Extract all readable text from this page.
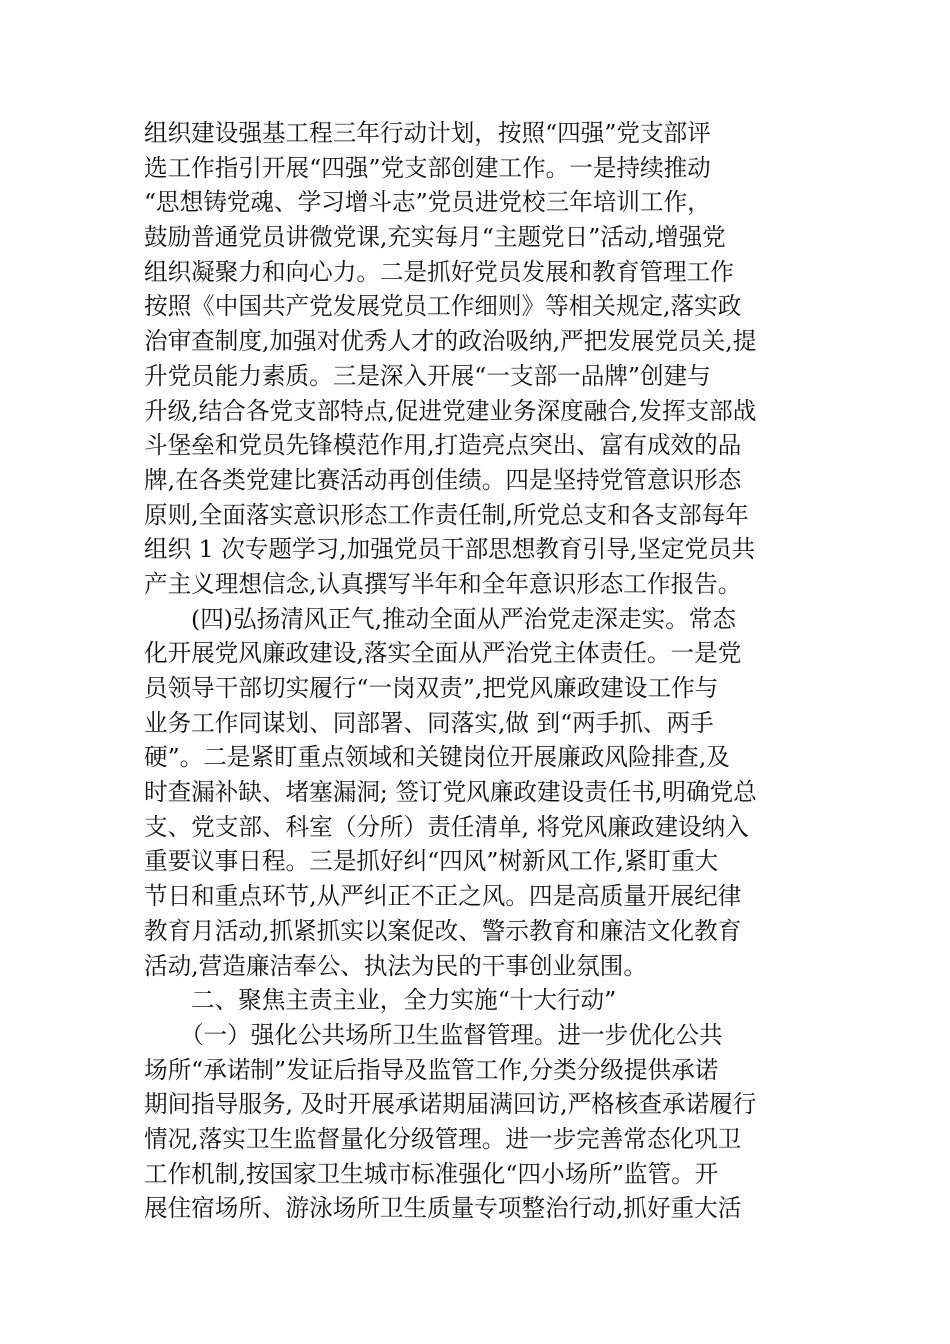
组织建设强基工程三年行动计划，按照“四强”党支部评
选工作指引开展“四强”党支部创建工作。一是持续推动
“思想铸党魂、学习增斗志”党员进党校三年培训工作，
鼓励普通党员讲微党课,充实每月“主题党日”活动,增强党
组织凝聚力和向心力。二是抓好党员发展和教育管理工作
按照《中国共产党发展党员工作细则》等相关规定,落实政
治审查制度,加强对优秀人才的政治吸纳,严把发展党员关,提
升党员能力素质。三是深入开展“一支部一品牌”创建与
升级,结合各党支部特点,促进党建业务深度融合,发挥支部战
斗堡垒和党员先锋模范作用,打造亮点突出、富有成效的品
牌,在各类党建比赛活动再创佳绩。四是坚持党管意识形态
原则,全面落实意识形态工作责任制,所党总支和各支部每年
组织 1 次专题学习,加强党员干部思想教育引导,坚定党员共
产主义理想信念,认真撰写半年和全年意识形态工作报告。
(四)弘扬清风正气,推动全面从严治党走深走实。常态
化开展党风廉政建设,落实全面从严治党主体责任。一是党
员领导干部切实履行“一岗双责”,把党风廉政建设工作与
业务工作同谋划、同部署、同落实,做 到“两手抓、两手
硬”。二是紧盯重点领域和关键岗位开展廉政风险排查,及
时查漏补缺、堵塞漏洞; 签订党风廉政建设责任书,明确党总
支、党支部、科室（分所）责任清单, 将党风廉政建设纳入
重要议事日程。三是抓好纠“四风”树新风工作,紧盯重大
节日和重点环节,从严纠正不正之风。四是高质量开展纪律
教育月活动,抓紧抓实以案促改、警示教育和廉洁文化教育
活动,营造廉洁奉公、执法为民的干事创业氛围。
二、聚焦主责主业，全力实施“十大行动”
（一）强化公共场所卫生监督管理。进一步优化公共
场所“承诺制”发证后指导及监管工作,分类分级提供承诺
期间指导服务, 及时开展承诺期届满回访,严格核查承诺履行
情况,落实卫生监督量化分级管理。进一步完善常态化巩卫
工作机制,按国家卫生城市标准强化“四小场所”监管。开
展住宿场所、游泳场所卫生质量专项整治行动,抓好重大活
